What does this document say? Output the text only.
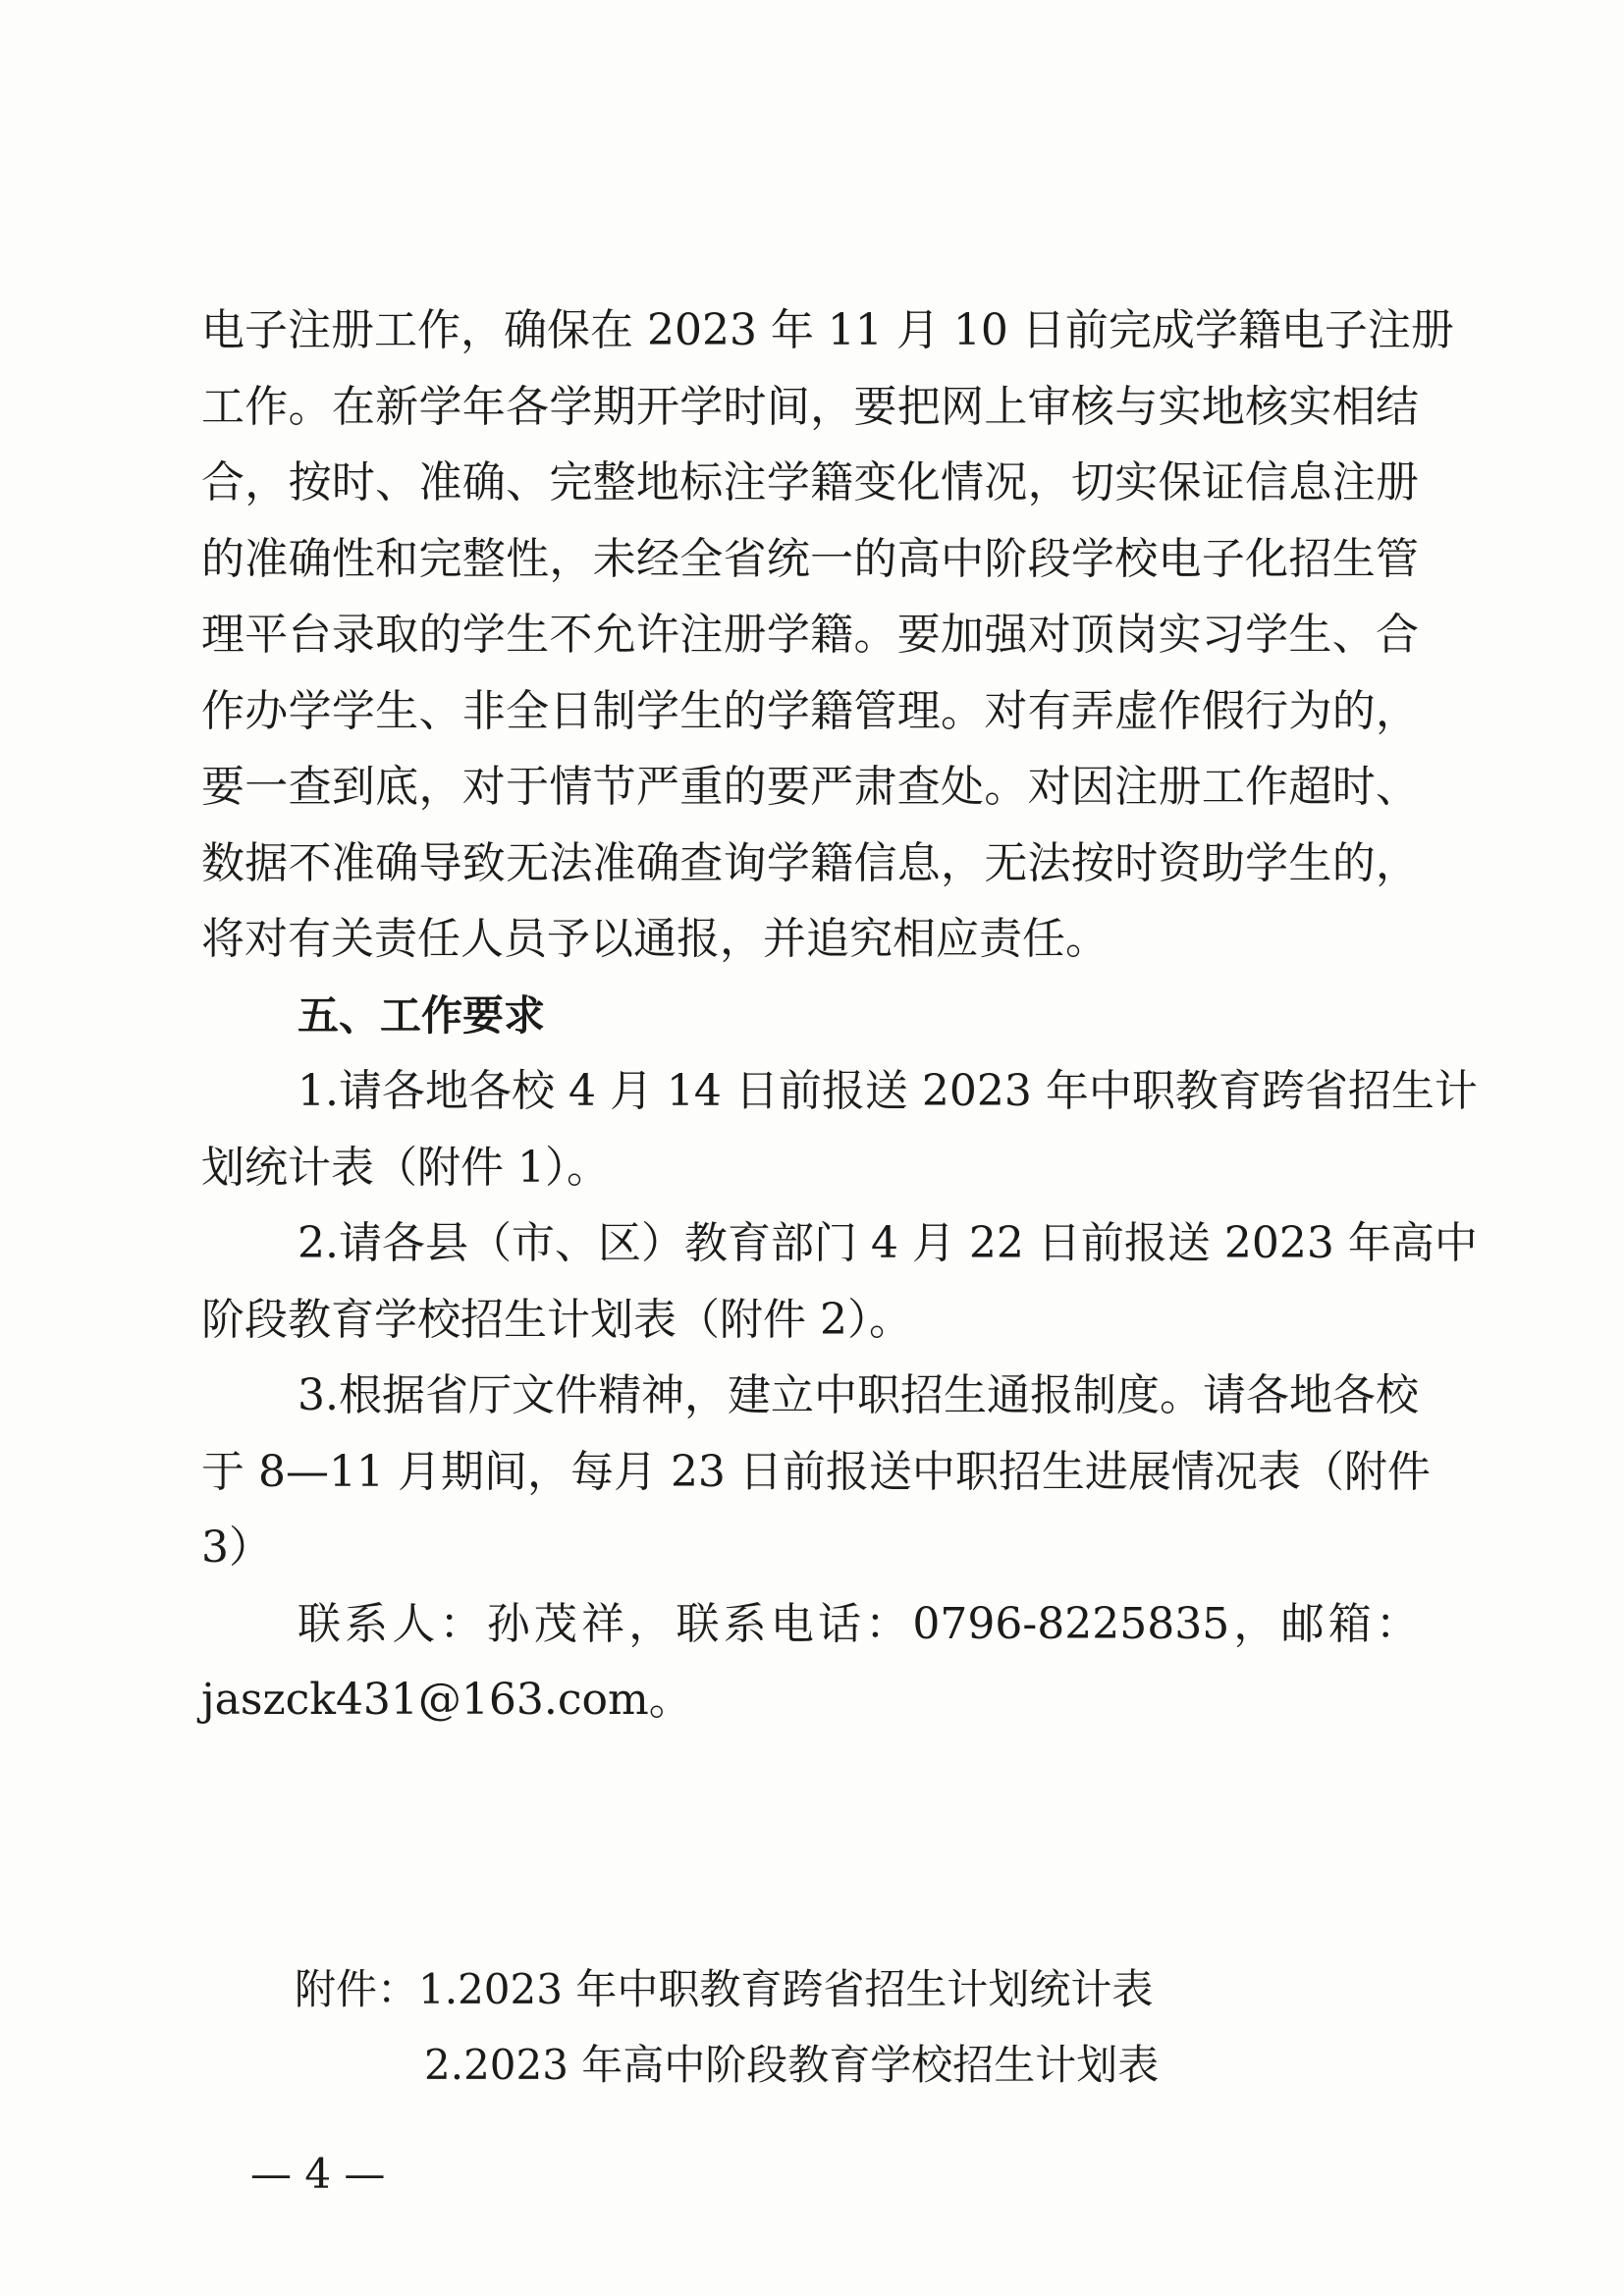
电子注册工作，确保在 2023 年 11 月 10 日前完成学籍电子注册
工作。在新学年各学期开学时间，要把网上审核与实地核实相结
合，按时、准确、完整地标注学籍变化情况，切实保证信息注册
的准确性和完整性，未经全省统一的高中阶段学校电子化招生管
理平台录取的学生不允许注册学籍。要加强对顶岗实习学生、合
作办学学生、非全日制学生的学籍管理。对有弄虚作假行为的，
要一查到底，对于情节严重的要严肃查处。对因注册工作超时、
数据不准确导致无法准确查询学籍信息，无法按时资助学生的，
将对有关责任人员予以通报，并追究相应责任。
五、工作要求
1.请各地各校 4 月 14 日前报送 2023 年中职教育跨省招生计
划统计表（附件 1）。
2.请各县（市、区）教育部门 4 月 22 日前报送 2023 年高中
阶段教育学校招生计划表（附件 2）。
3.根据省厅文件精神，建立中职招生通报制度。请各地各校
于 8—11 月期间，每月 23 日前报送中职招生进展情况表（附件
3）
联系人：孙茂祥，联系电话：0796-8225835，邮箱：
jaszck431@163.com。
附件：1.2023 年中职教育跨省招生计划统计表
2.2023 年高中阶段教育学校招生计划表
— 4 —
